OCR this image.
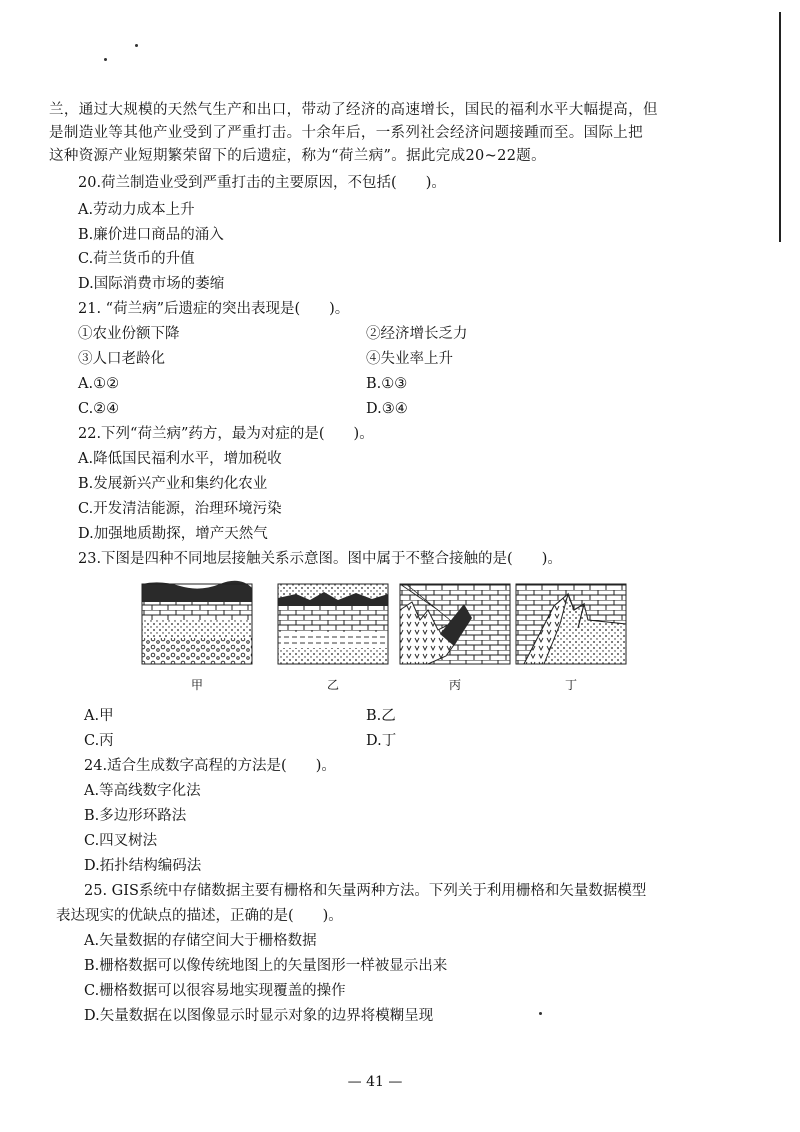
兰，通过大规模的天然气生产和出口，带动了经济的高速增长，国民的福利水平大幅提高，但
是制造业等其他产业受到了严重打击。十余年后，一系列社会经济问题接踵而至。国际上把
这种资源产业短期繁荣留下的后遗症，称为“荷兰病”。据此完成20~22题。
20.荷兰制造业受到严重打击的主要原因，不包括(　　)。
A.劳动力成本上升
B.廉价进口商品的涌入
C.荷兰货币的升值
D.国际消费市场的萎缩
21. “荷兰病”后遗症的突出表现是(　　)。
①农业份额下降	②经济增长乏力
③人口老龄化	④失业率上升
A.①②	B.①③
C.②④	D.③④
22.下列“荷兰病”药方，最为对症的是(　　)。
A.降低国民福利水平，增加税收
B.发展新兴产业和集约化农业
C.开发清洁能源，治理环境污染
D.加强地质勘探，增产天然气
23.下图是四种不同地层接触关系示意图。图中属于不整合接触的是(　　)。
甲	乙	丙	丁
A.甲	B.乙
C.丙	D.丁
24.适合生成数字高程的方法是(　　)。
A.等高线数字化法
B.多边形环路法
C.四叉树法
D.拓扑结构编码法
25. GIS系统中存储数据主要有栅格和矢量两种方法。下列关于利用栅格和矢量数据模型
表达现实的优缺点的描述，正确的是(　　)。
A.矢量数据的存储空间大于栅格数据
B.栅格数据可以像传统地图上的矢量图形一样被显示出来
C.栅格数据可以很容易地实现覆盖的操作
D.矢量数据在以图像显示时显示对象的边界将模糊呈现
— 41 —
